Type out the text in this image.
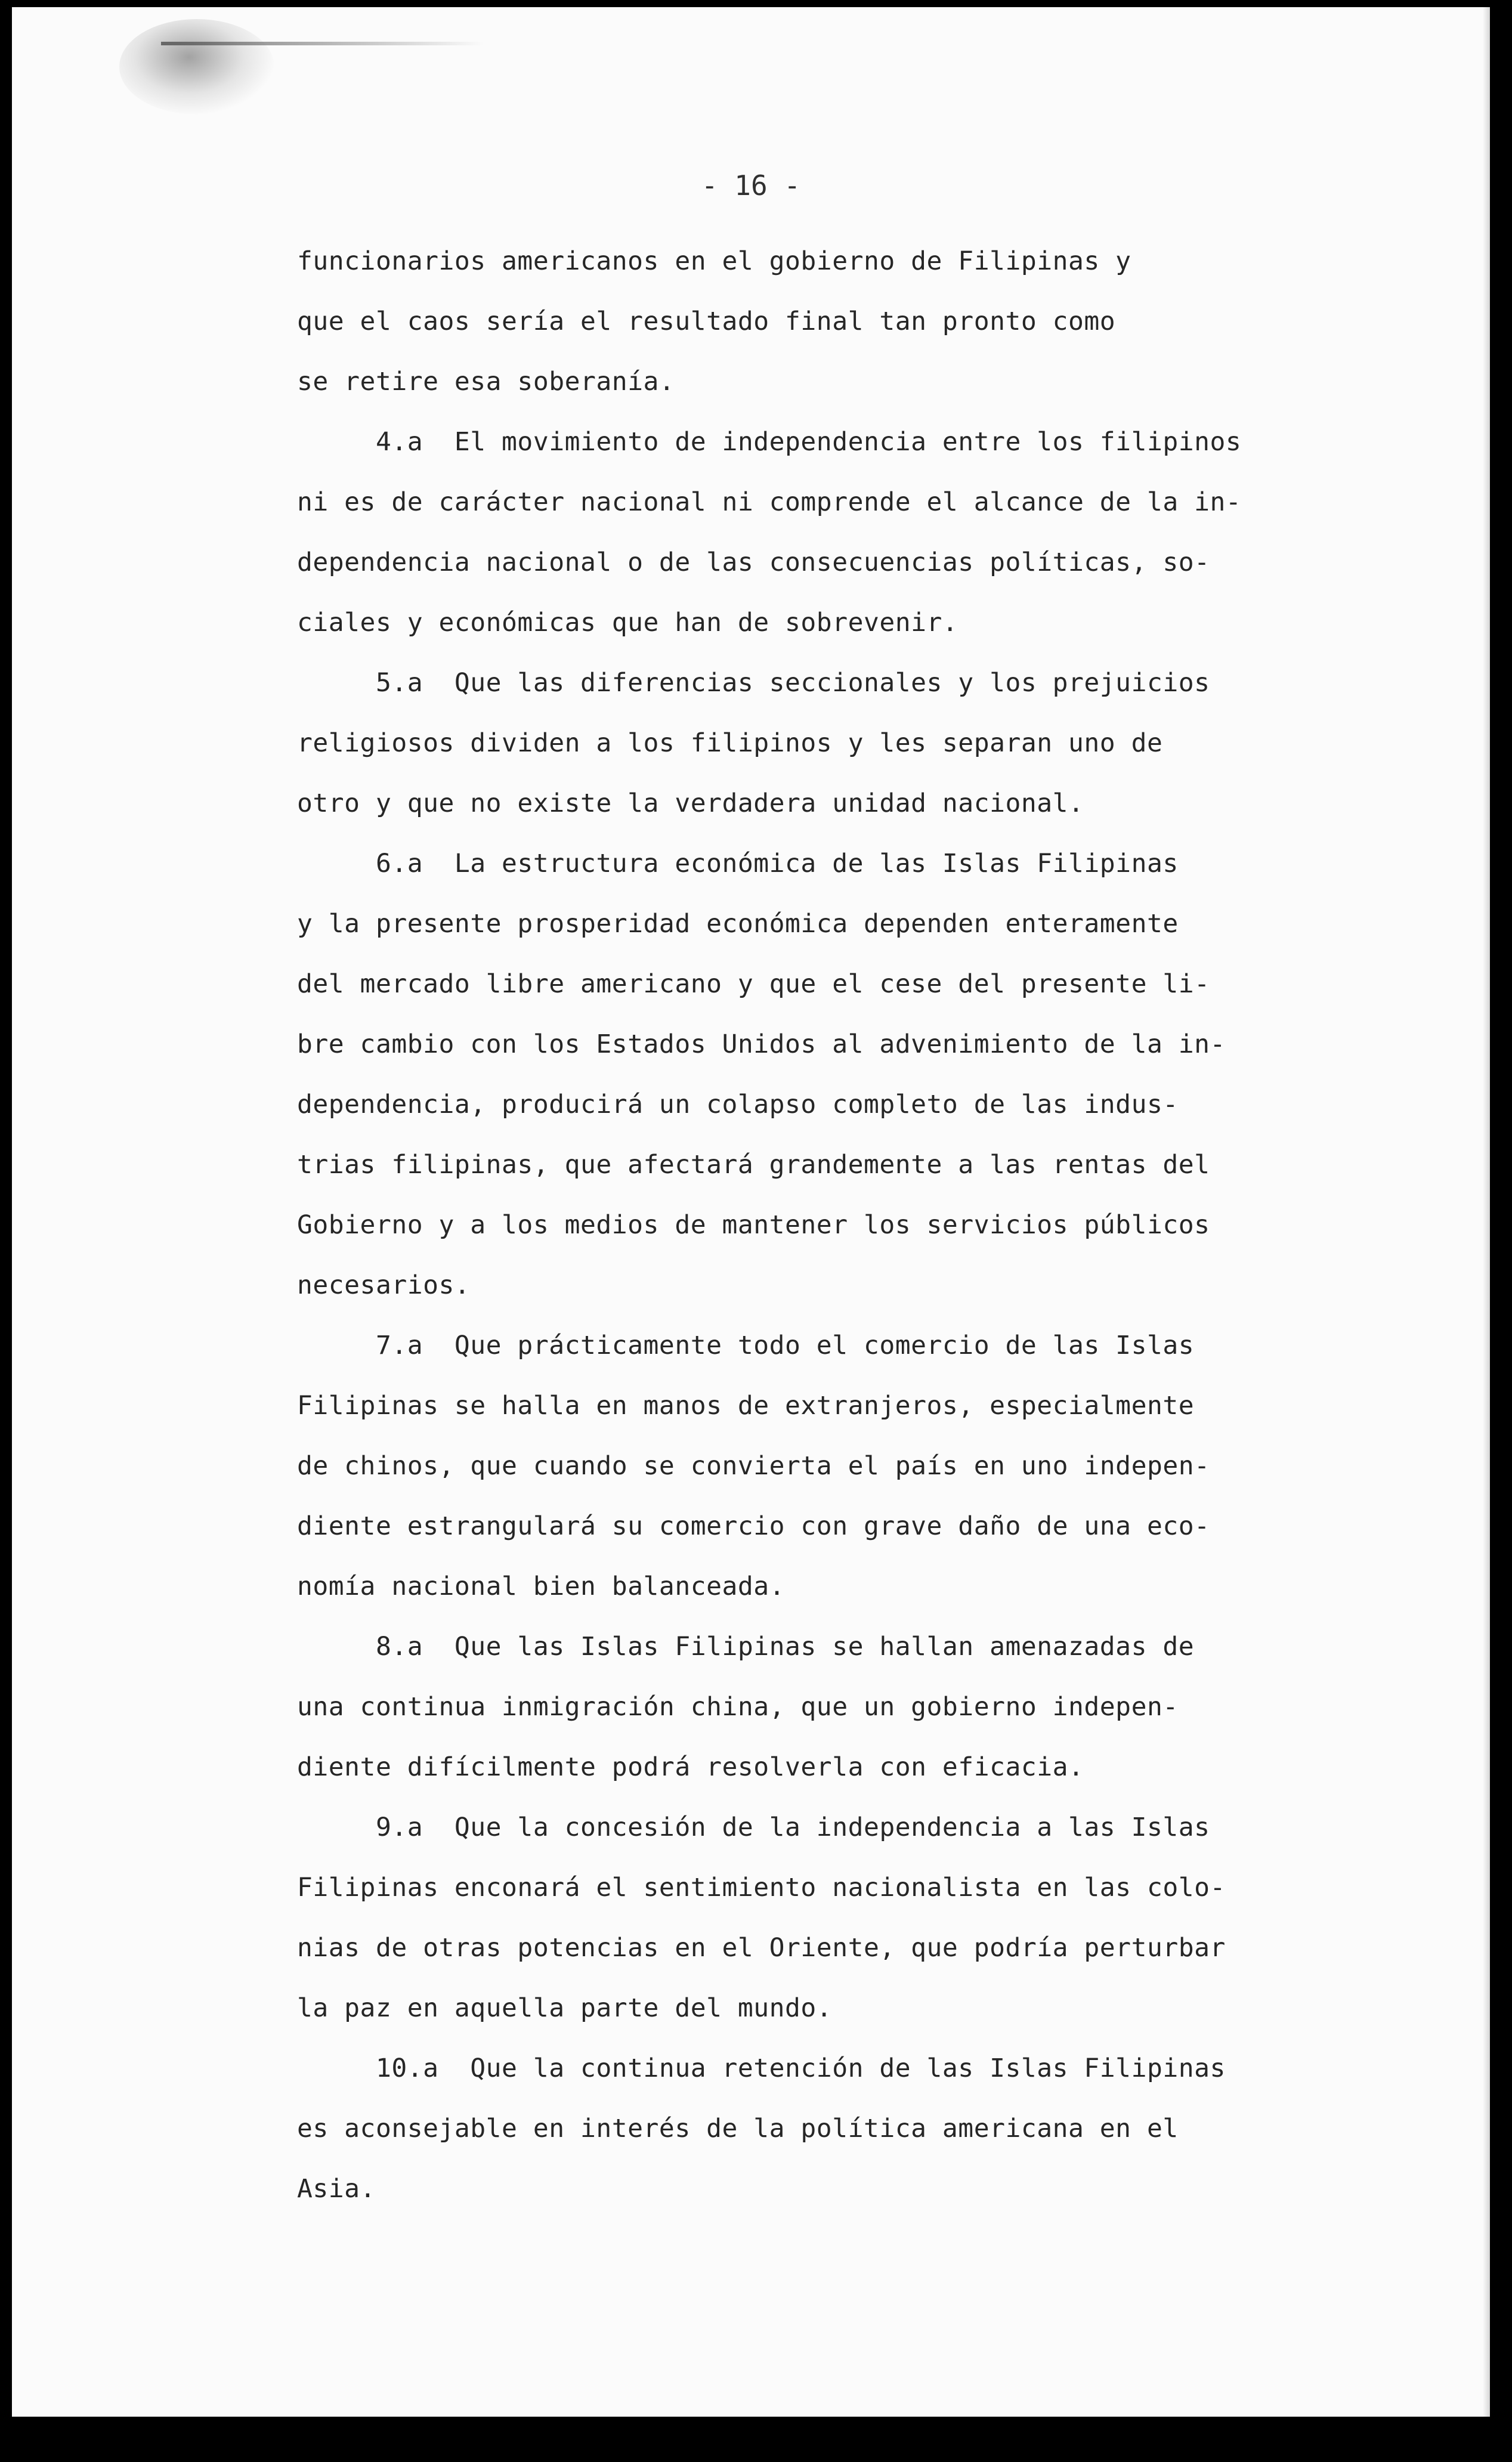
- 16 -
funcionarios americanos en el gobierno de Filipinas y
que el caos sería el resultado final tan pronto como
se retire esa soberanía.
4.a  El movimiento de independencia entre los filipinos
ni es de carácter nacional ni comprende el alcance de la in-
dependencia nacional o de las consecuencias políticas, so-
ciales y económicas que han de sobrevenir.
5.a  Que las diferencias seccionales y los prejuicios
religiosos dividen a los filipinos y les separan uno de
otro y que no existe la verdadera unidad nacional.
6.a  La estructura económica de las Islas Filipinas
y la presente prosperidad económica dependen enteramente
del mercado libre americano y que el cese del presente li-
bre cambio con los Estados Unidos al advenimiento de la in-
dependencia, producirá un colapso completo de las indus-
trias filipinas, que afectará grandemente a las rentas del
Gobierno y a los medios de mantener los servicios públicos
necesarios.
7.a  Que prácticamente todo el comercio de las Islas
Filipinas se halla en manos de extranjeros, especialmente
de chinos, que cuando se convierta el país en uno indepen-
diente estrangulará su comercio con grave daño de una eco-
nomía nacional bien balanceada.
8.a  Que las Islas Filipinas se hallan amenazadas de
una continua inmigración china, que un gobierno indepen-
diente difícilmente podrá resolverla con eficacia.
9.a  Que la concesión de la independencia a las Islas
Filipinas enconará el sentimiento nacionalista en las colo-
nias de otras potencias en el Oriente, que podría perturbar
la paz en aquella parte del mundo.
10.a  Que la continua retención de las Islas Filipinas
es aconsejable en interés de la política americana en el
Asia.
